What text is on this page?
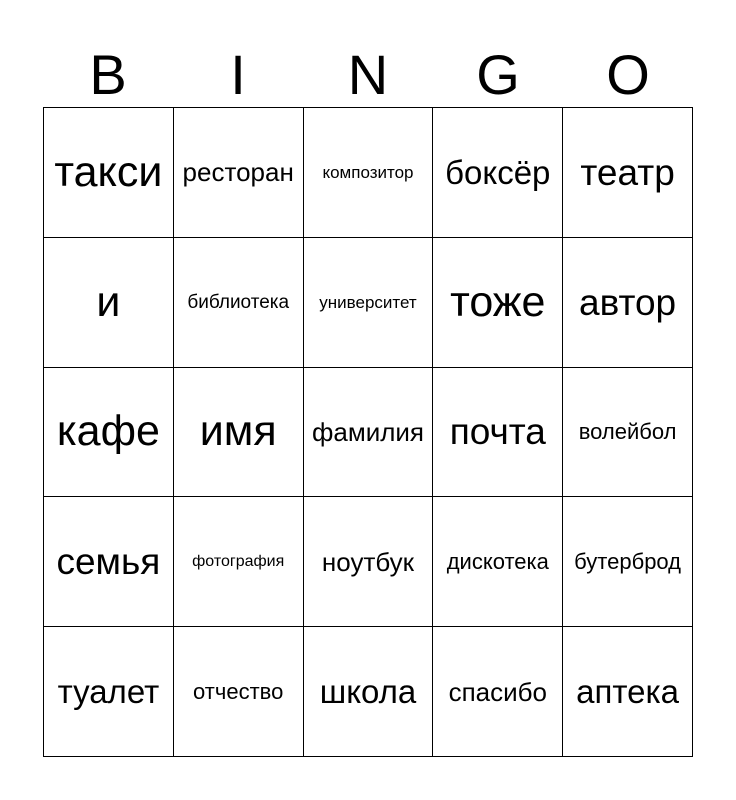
B	I	N	G	O
такси ресторан композитор боксёр театр
и	библиотека университет тоже автор
кафе имя фамилия почта волейбол
семья фотография ноутбук дискотека бутерброд
туалет отчество школа спасибо аптека
